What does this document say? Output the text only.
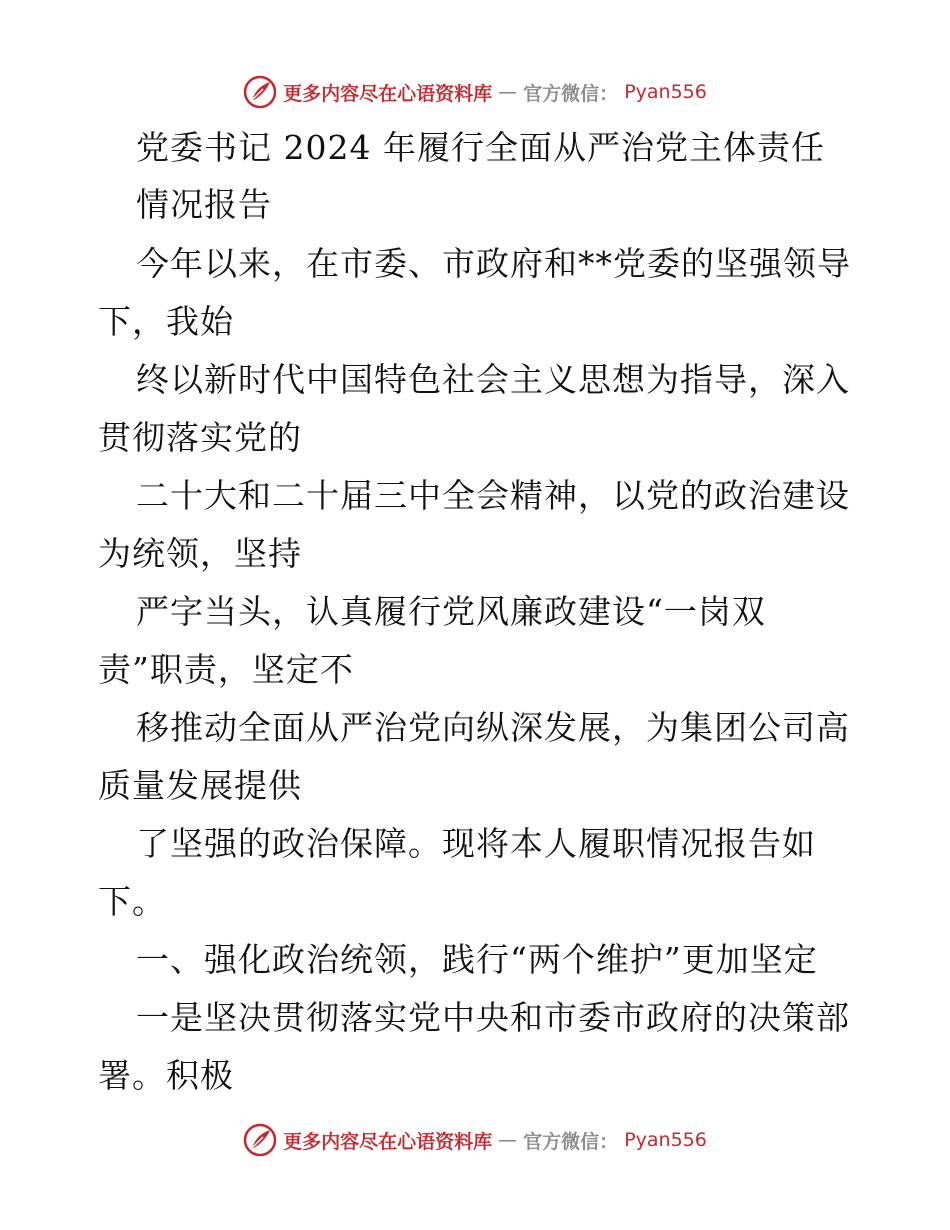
更多内容尽在心语资料库 — 官方微信： Pyan556
党委书记 2024 年履行全面从严治党主体责任
情况报告
今年以来，在市委、市政府和**党委的坚强领导
下，我始
终以新时代中国特色社会主义思想为指导，深入
贯彻落实党的
二十大和二十届三中全会精神，以党的政治建设
为统领，坚持
严字当头，认真履行党风廉政建设“一岗双
责”职责，坚定不
移推动全面从严治党向纵深发展，为集团公司高
质量发展提供
了坚强的政治保障。现将本人履职情况报告如
下。
一、强化政治统领，践行“两个维护”更加坚定
一是坚决贯彻落实党中央和市委市政府的决策部
署。积极
更多内容尽在心语资料库 — 官方微信： Pyan556
